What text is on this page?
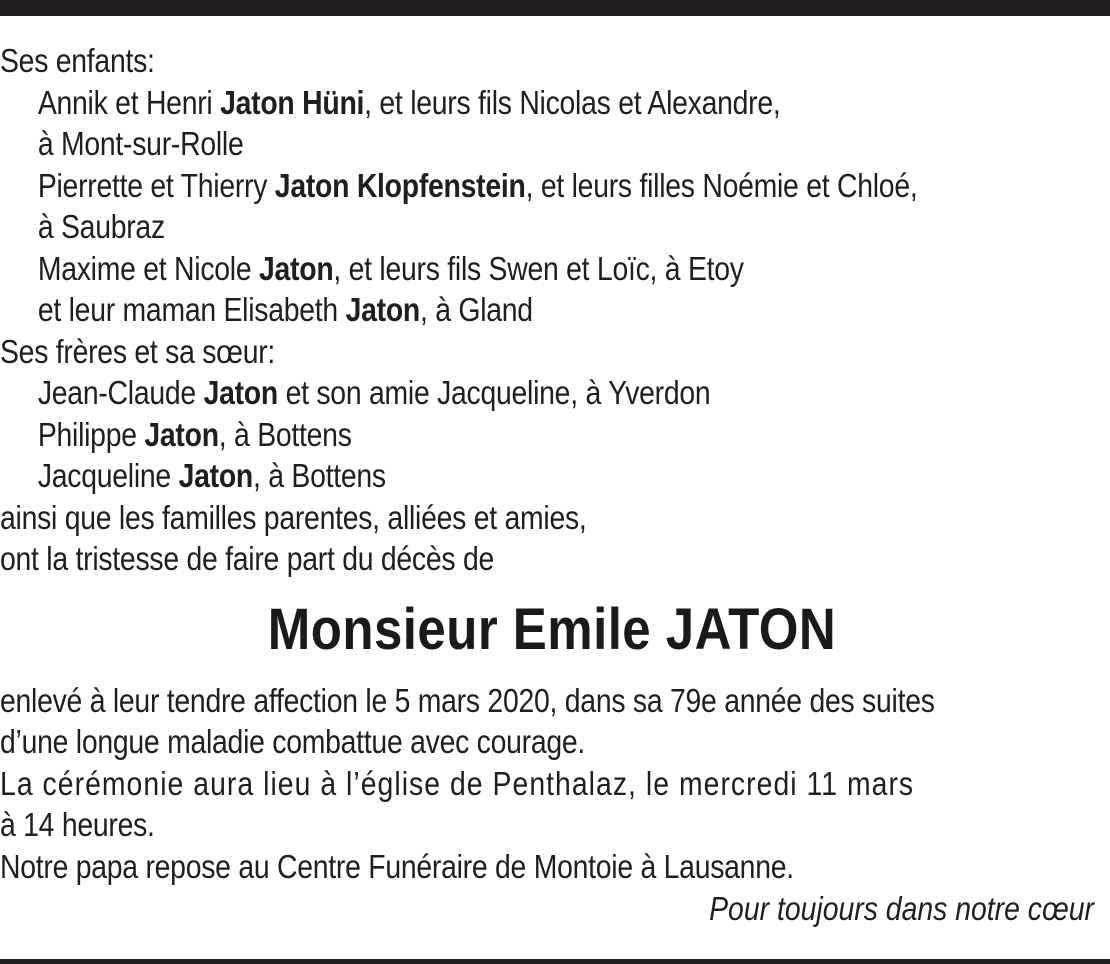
Ses enfants:
Annik et Henri Jaton Hüni, et leurs fils Nicolas et Alexandre,
à Mont-sur-Rolle
Pierrette et Thierry Jaton Klopfenstein, et leurs filles Noémie et Chloé,
à Saubraz
Maxime et Nicole Jaton, et leurs fils Swen et Loïc, à Etoy
et leur maman Elisabeth Jaton, à Gland
Ses frères et sa sœur:
Jean-Claude Jaton et son amie Jacqueline, à Yverdon
Philippe Jaton, à Bottens
Jacqueline Jaton, à Bottens
ainsi que les familles parentes, alliées et amies,
ont la tristesse de faire part du décès de
Monsieur Emile JATON
enlevé à leur tendre affection le 5 mars 2020, dans sa 79e année des suites
d’une longue maladie combattue avec courage.
La cérémonie aura lieu à l’église de Penthalaz, le mercredi 11 mars
à 14 heures.
Notre papa repose au Centre Funéraire de Montoie à Lausanne.
Pour toujours dans notre cœur
